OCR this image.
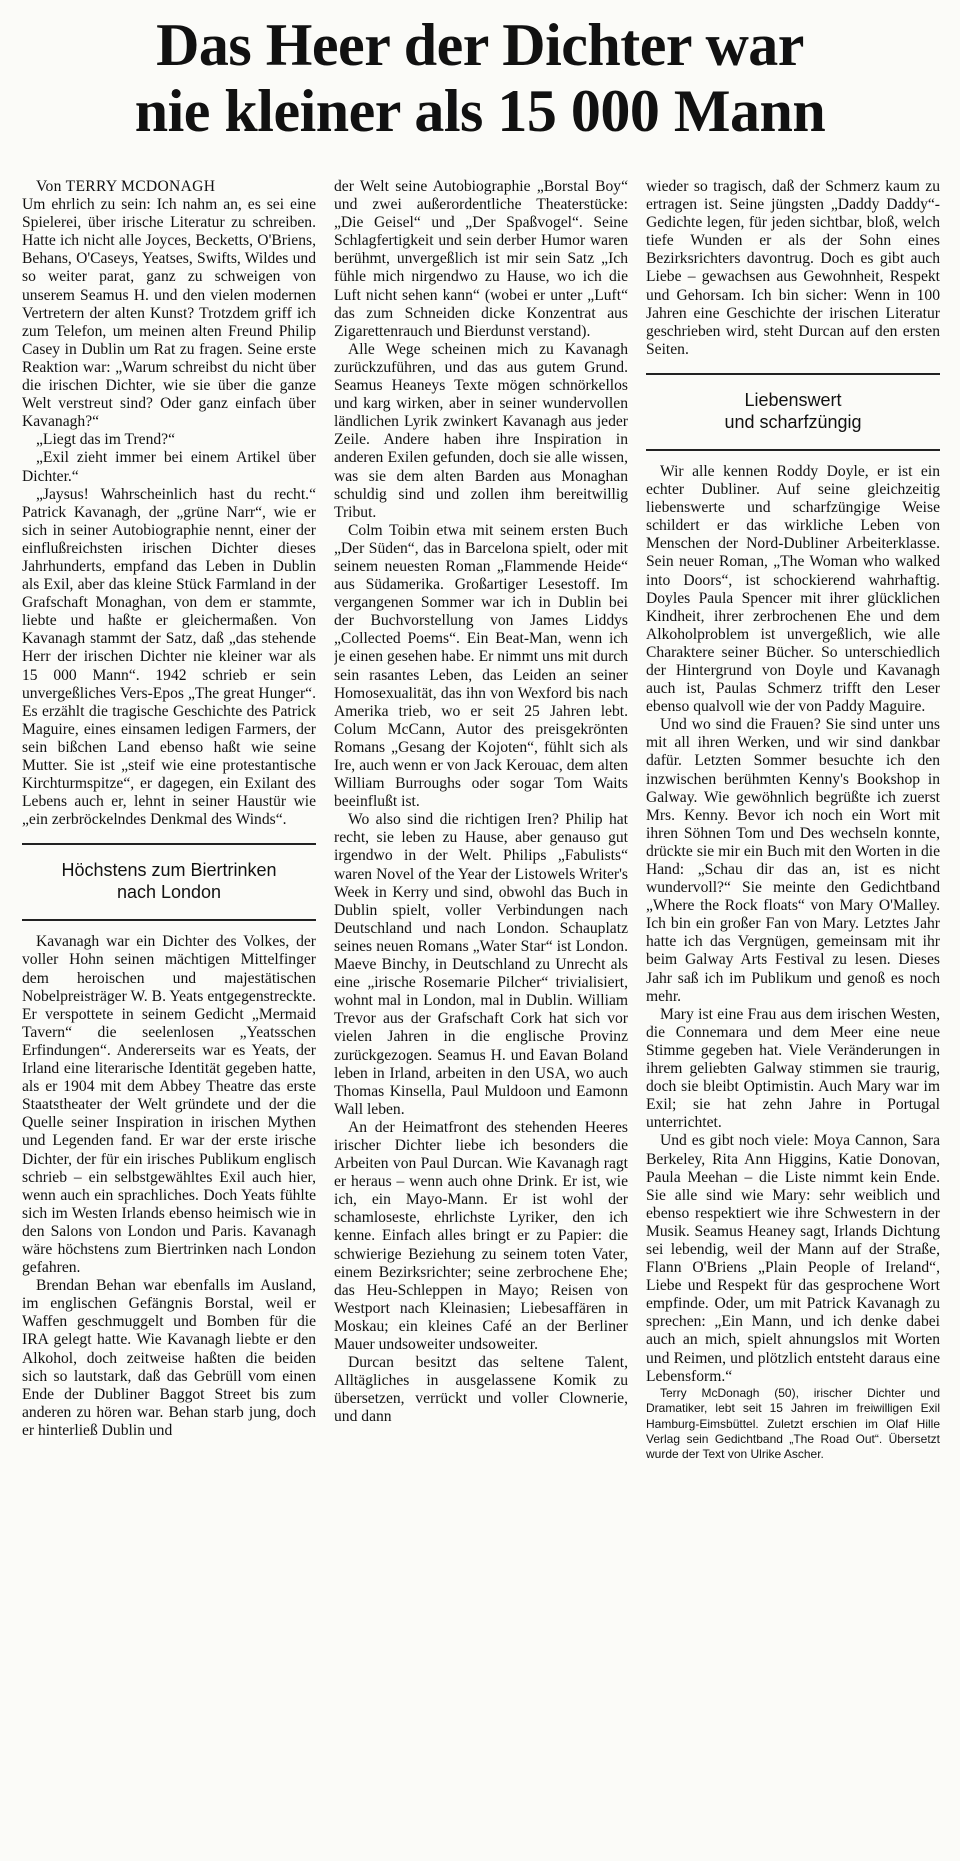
Das Heer der Dichter war
nie kleiner als 15 000 Mann

Von TERRY MCDONAGH

Um ehrlich zu sein: Ich nahm an, es sei eine Spielerei, über irische Literatur zu schreiben. Hatte ich nicht alle Joyces, Becketts, O'Briens, Behans, O'Caseys, Yeatses, Swifts, Wildes und so weiter parat, ganz zu schweigen von unserem Seamus H. und den vielen modernen Vertretern der alten Kunst? Trotzdem griff ich zum Telefon, um meinen alten Freund Philip Casey in Dublin um Rat zu fragen. Seine erste Reaktion war: „Warum schreibst du nicht über die irischen Dichter, wie sie über die ganze Welt verstreut sind? Oder ganz einfach über Kavanagh?“

„Liegt das im Trend?“

„Exil zieht immer bei einem Artikel über Dichter.“

„Jaysus! Wahrscheinlich hast du recht.“ Patrick Kavanagh, der „grüne Narr“, wie er sich in seiner Autobiographie nennt, einer der einflußreichsten irischen Dichter dieses Jahrhunderts, empfand das Leben in Dublin als Exil, aber das kleine Stück Farmland in der Grafschaft Monaghan, von dem er stammte, liebte und haßte er gleichermaßen. Von Kavanagh stammt der Satz, daß „das stehende Herr der irischen Dichter nie kleiner war als 15 000 Mann“. 1942 schrieb er sein unvergeßliches Vers-Epos „The great Hunger“. Es erzählt die tragische Geschichte des Patrick Maguire, eines einsamen ledigen Farmers, der sein bißchen Land ebenso haßt wie seine Mutter. Sie ist „steif wie eine protestantische Kirchturmspitze“, er dagegen, ein Exilant des Lebens auch er, lehnt in seiner Haustür wie „ein zerbröckelndes Denkmal des Winds“.

Höchstens zum Biertrinken
nach London

Kavanagh war ein Dichter des Volkes, der voller Hohn seinen mächtigen Mittelfinger dem heroischen und majestätischen Nobelpreisträger W. B. Yeats entgegenstreckte. Er verspottete in seinem Gedicht „Mermaid Tavern“ die seelenlosen „Yeatsschen Erfindungen“. Andererseits war es Yeats, der Irland eine literarische Identität gegeben hatte, als er 1904 mit dem Abbey Theatre das erste Staatstheater der Welt gründete und der die Quelle seiner Inspiration in irischen Mythen und Legenden fand. Er war der erste irische Dichter, der für ein irisches Publikum englisch schrieb – ein selbstgewähltes Exil auch hier, wenn auch ein sprachliches. Doch Yeats fühlte sich im Westen Irlands ebenso heimisch wie in den Salons von London und Paris. Kavanagh wäre höchstens zum Biertrinken nach London gefahren.

Brendan Behan war ebenfalls im Ausland, im englischen Gefängnis Borstal, weil er Waffen geschmuggelt und Bomben für die IRA gelegt hatte. Wie Kavanagh liebte er den Alkohol, doch zeitweise haßten die beiden sich so lautstark, daß das Gebrüll vom einen Ende der Dubliner Baggot Street bis zum anderen zu hören war. Behan starb jung, doch er hinterließ Dublin und

der Welt seine Autobiographie „Borstal Boy“ und zwei außerordentliche Theaterstücke: „Die Geisel“ und „Der Spaßvogel“. Seine Schlagfertigkeit und sein derber Humor waren berühmt, unvergeßlich ist mir sein Satz „Ich fühle mich nirgendwo zu Hause, wo ich die Luft nicht sehen kann“ (wobei er unter „Luft“ das zum Schneiden dicke Konzentrat aus Zigarettenrauch und Bierdunst verstand).

Alle Wege scheinen mich zu Kavanagh zurückzuführen, und das aus gutem Grund. Seamus Heaneys Texte mögen schnörkellos und karg wirken, aber in seiner wundervollen ländlichen Lyrik zwinkert Kavanagh aus jeder Zeile. Andere haben ihre Inspiration in anderen Exilen gefunden, doch sie alle wissen, was sie dem alten Barden aus Monaghan schuldig sind und zollen ihm bereitwillig Tribut.

Colm Toibin etwa mit seinem ersten Buch „Der Süden“, das in Barcelona spielt, oder mit seinem neuesten Roman „Flammende Heide“ aus Südamerika. Großartiger Lesestoff. Im vergangenen Sommer war ich in Dublin bei der Buchvorstellung von James Liddys „Collected Poems“. Ein Beat-Man, wenn ich je einen gesehen habe. Er nimmt uns mit durch sein rasantes Leben, das Leiden an seiner Homosexualität, das ihn von Wexford bis nach Amerika trieb, wo er seit 25 Jahren lebt. Colum McCann, Autor des preisgekrönten Romans „Gesang der Kojoten“, fühlt sich als Ire, auch wenn er von Jack Kerouac, dem alten William Burroughs oder sogar Tom Waits beeinflußt ist.

Wo also sind die richtigen Iren? Philip hat recht, sie leben zu Hause, aber genauso gut irgendwo in der Welt. Philips „Fabulists“ waren Novel of the Year der Listowels Writer's Week in Kerry und sind, obwohl das Buch in Dublin spielt, voller Verbindungen nach Deutschland und nach London. Schauplatz seines neuen Romans „Water Star“ ist London. Maeve Binchy, in Deutschland zu Unrecht als eine „irische Rosemarie Pilcher“ trivialisiert, wohnt mal in London, mal in Dublin. William Trevor aus der Grafschaft Cork hat sich vor vielen Jahren in die englische Provinz zurückgezogen. Seamus H. und Eavan Boland leben in Irland, arbeiten in den USA, wo auch Thomas Kinsella, Paul Muldoon und Eamonn Wall leben.

An der Heimatfront des stehenden Heeres irischer Dichter liebe ich besonders die Arbeiten von Paul Durcan. Wie Kavanagh ragt er heraus – wenn auch ohne Drink. Er ist, wie ich, ein Mayo-Mann. Er ist wohl der schamloseste, ehrlichste Lyriker, den ich kenne. Einfach alles bringt er zu Papier: die schwierige Beziehung zu seinem toten Vater, einem Bezirksrichter; seine zerbrochene Ehe; das Heu-Schleppen in Mayo; Reisen von Westport nach Kleinasien; Liebesaffären in Moskau; ein kleines Café an der Berliner Mauer undsoweiter undsoweiter.

Durcan besitzt das seltene Talent, Alltägliches in ausgelassene Komik zu übersetzen, verrückt und voller Clownerie, und dann

wieder so tragisch, daß der Schmerz kaum zu ertragen ist. Seine jüngsten „Daddy Daddy“-Gedichte legen, für jeden sichtbar, bloß, welch tiefe Wunden er als der Sohn eines Bezirksrichters davontrug. Doch es gibt auch Liebe – gewachsen aus Gewohnheit, Respekt und Gehorsam. Ich bin sicher: Wenn in 100 Jahren eine Geschichte der irischen Literatur geschrieben wird, steht Durcan auf den ersten Seiten.

Liebenswert
und scharfzüngig

Wir alle kennen Roddy Doyle, er ist ein echter Dubliner. Auf seine gleichzeitig liebenswerte und scharfzüngige Weise schildert er das wirkliche Leben von Menschen der Nord-Dubliner Arbeiterklasse. Sein neuer Roman, „The Woman who walked into Doors“, ist schockierend wahrhaftig. Doyles Paula Spencer mit ihrer glücklichen Kindheit, ihrer zerbrochenen Ehe und dem Alkoholproblem ist unvergeßlich, wie alle Charaktere seiner Bücher. So unterschiedlich der Hintergrund von Doyle und Kavanagh auch ist, Paulas Schmerz trifft den Leser ebenso qualvoll wie der von Paddy Maguire.

Und wo sind die Frauen? Sie sind unter uns mit all ihren Werken, und wir sind dankbar dafür. Letzten Sommer besuchte ich den inzwischen berühmten Kenny's Bookshop in Galway. Wie gewöhnlich begrüßte ich zuerst Mrs. Kenny. Bevor ich noch ein Wort mit ihren Söhnen Tom und Des wechseln konnte, drückte sie mir ein Buch mit den Worten in die Hand: „Schau dir das an, ist es nicht wundervoll?“ Sie meinte den Gedichtband „Where the Rock floats“ von Mary O'Malley. Ich bin ein großer Fan von Mary. Letztes Jahr hatte ich das Vergnügen, gemeinsam mit ihr beim Galway Arts Festival zu lesen. Dieses Jahr saß ich im Publikum und genoß es noch mehr.

Mary ist eine Frau aus dem irischen Westen, die Connemara und dem Meer eine neue Stimme gegeben hat. Viele Veränderungen in ihrem geliebten Galway stimmen sie traurig, doch sie bleibt Optimistin. Auch Mary war im Exil; sie hat zehn Jahre in Portugal unterrichtet.

Und es gibt noch viele: Moya Cannon, Sara Berkeley, Rita Ann Higgins, Katie Donovan, Paula Meehan – die Liste nimmt kein Ende. Sie alle sind wie Mary: sehr weiblich und ebenso respektiert wie ihre Schwestern in der Musik. Seamus Heaney sagt, Irlands Dichtung sei lebendig, weil der Mann auf der Straße, Flann O'Briens „Plain People of Ireland“, Liebe und Respekt für das gesprochene Wort empfinde. Oder, um mit Patrick Kavanagh zu sprechen: „Ein Mann, und ich denke dabei auch an mich, spielt ahnungslos mit Worten und Reimen, und plötzlich entsteht daraus eine Lebensform.“

Terry McDonagh (50), irischer Dichter und Dramatiker, lebt seit 15 Jahren im freiwilligen Exil Hamburg-Eimsbüttel. Zuletzt erschien im Olaf Hille Verlag sein Gedichtband „The Road Out“. Übersetzt wurde der Text von Ulrike Ascher.
